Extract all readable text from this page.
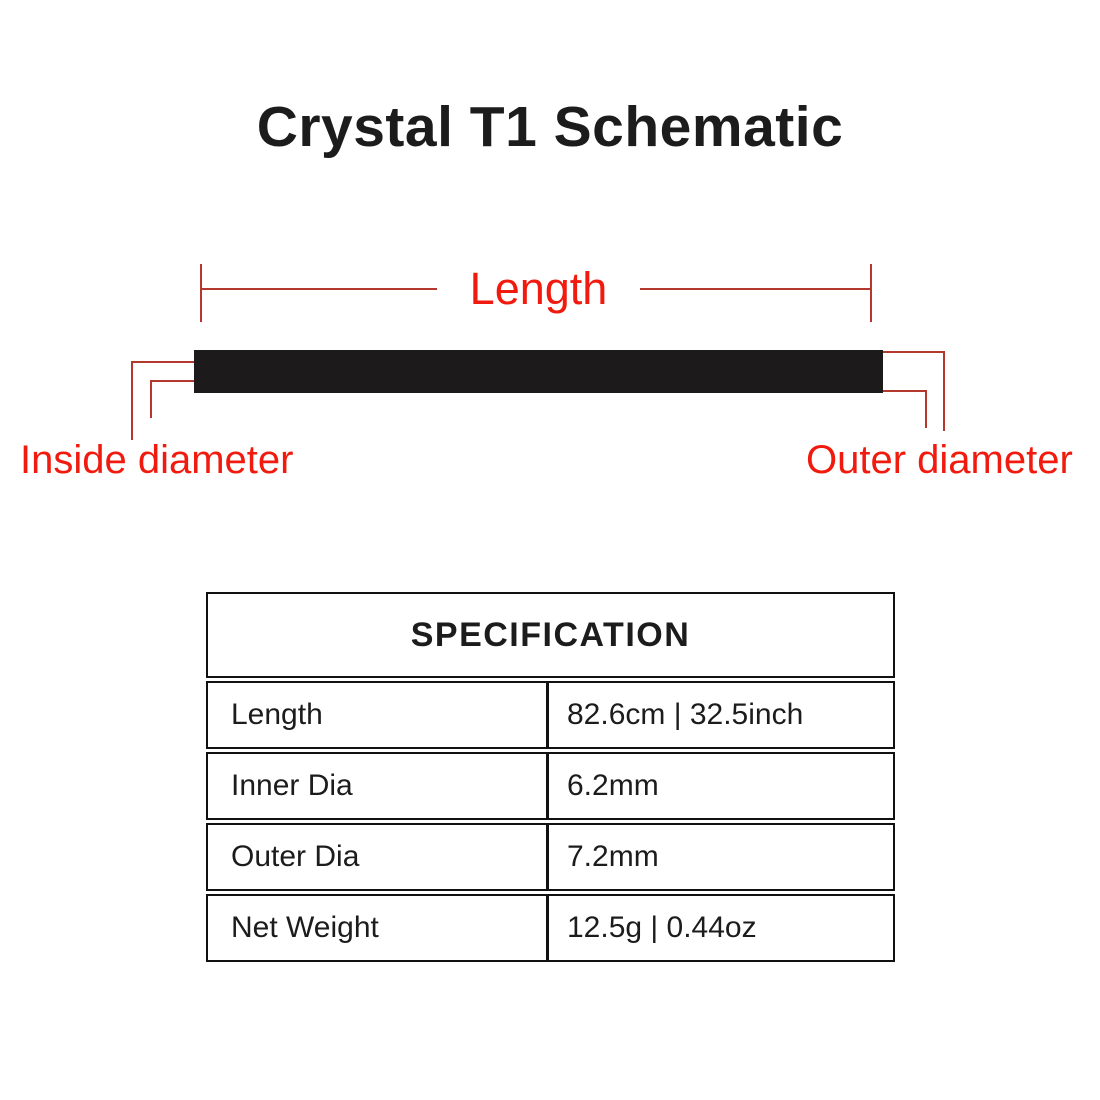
Crystal T1 Schematic
Length
Inside diameter	Outer diameter
SPECIFICATION
Length	82.6cm | 32.5inch
Inner Dia	6.2mm
Outer Dia	7.2mm
Net Weight	12.5g | 0.44oz
